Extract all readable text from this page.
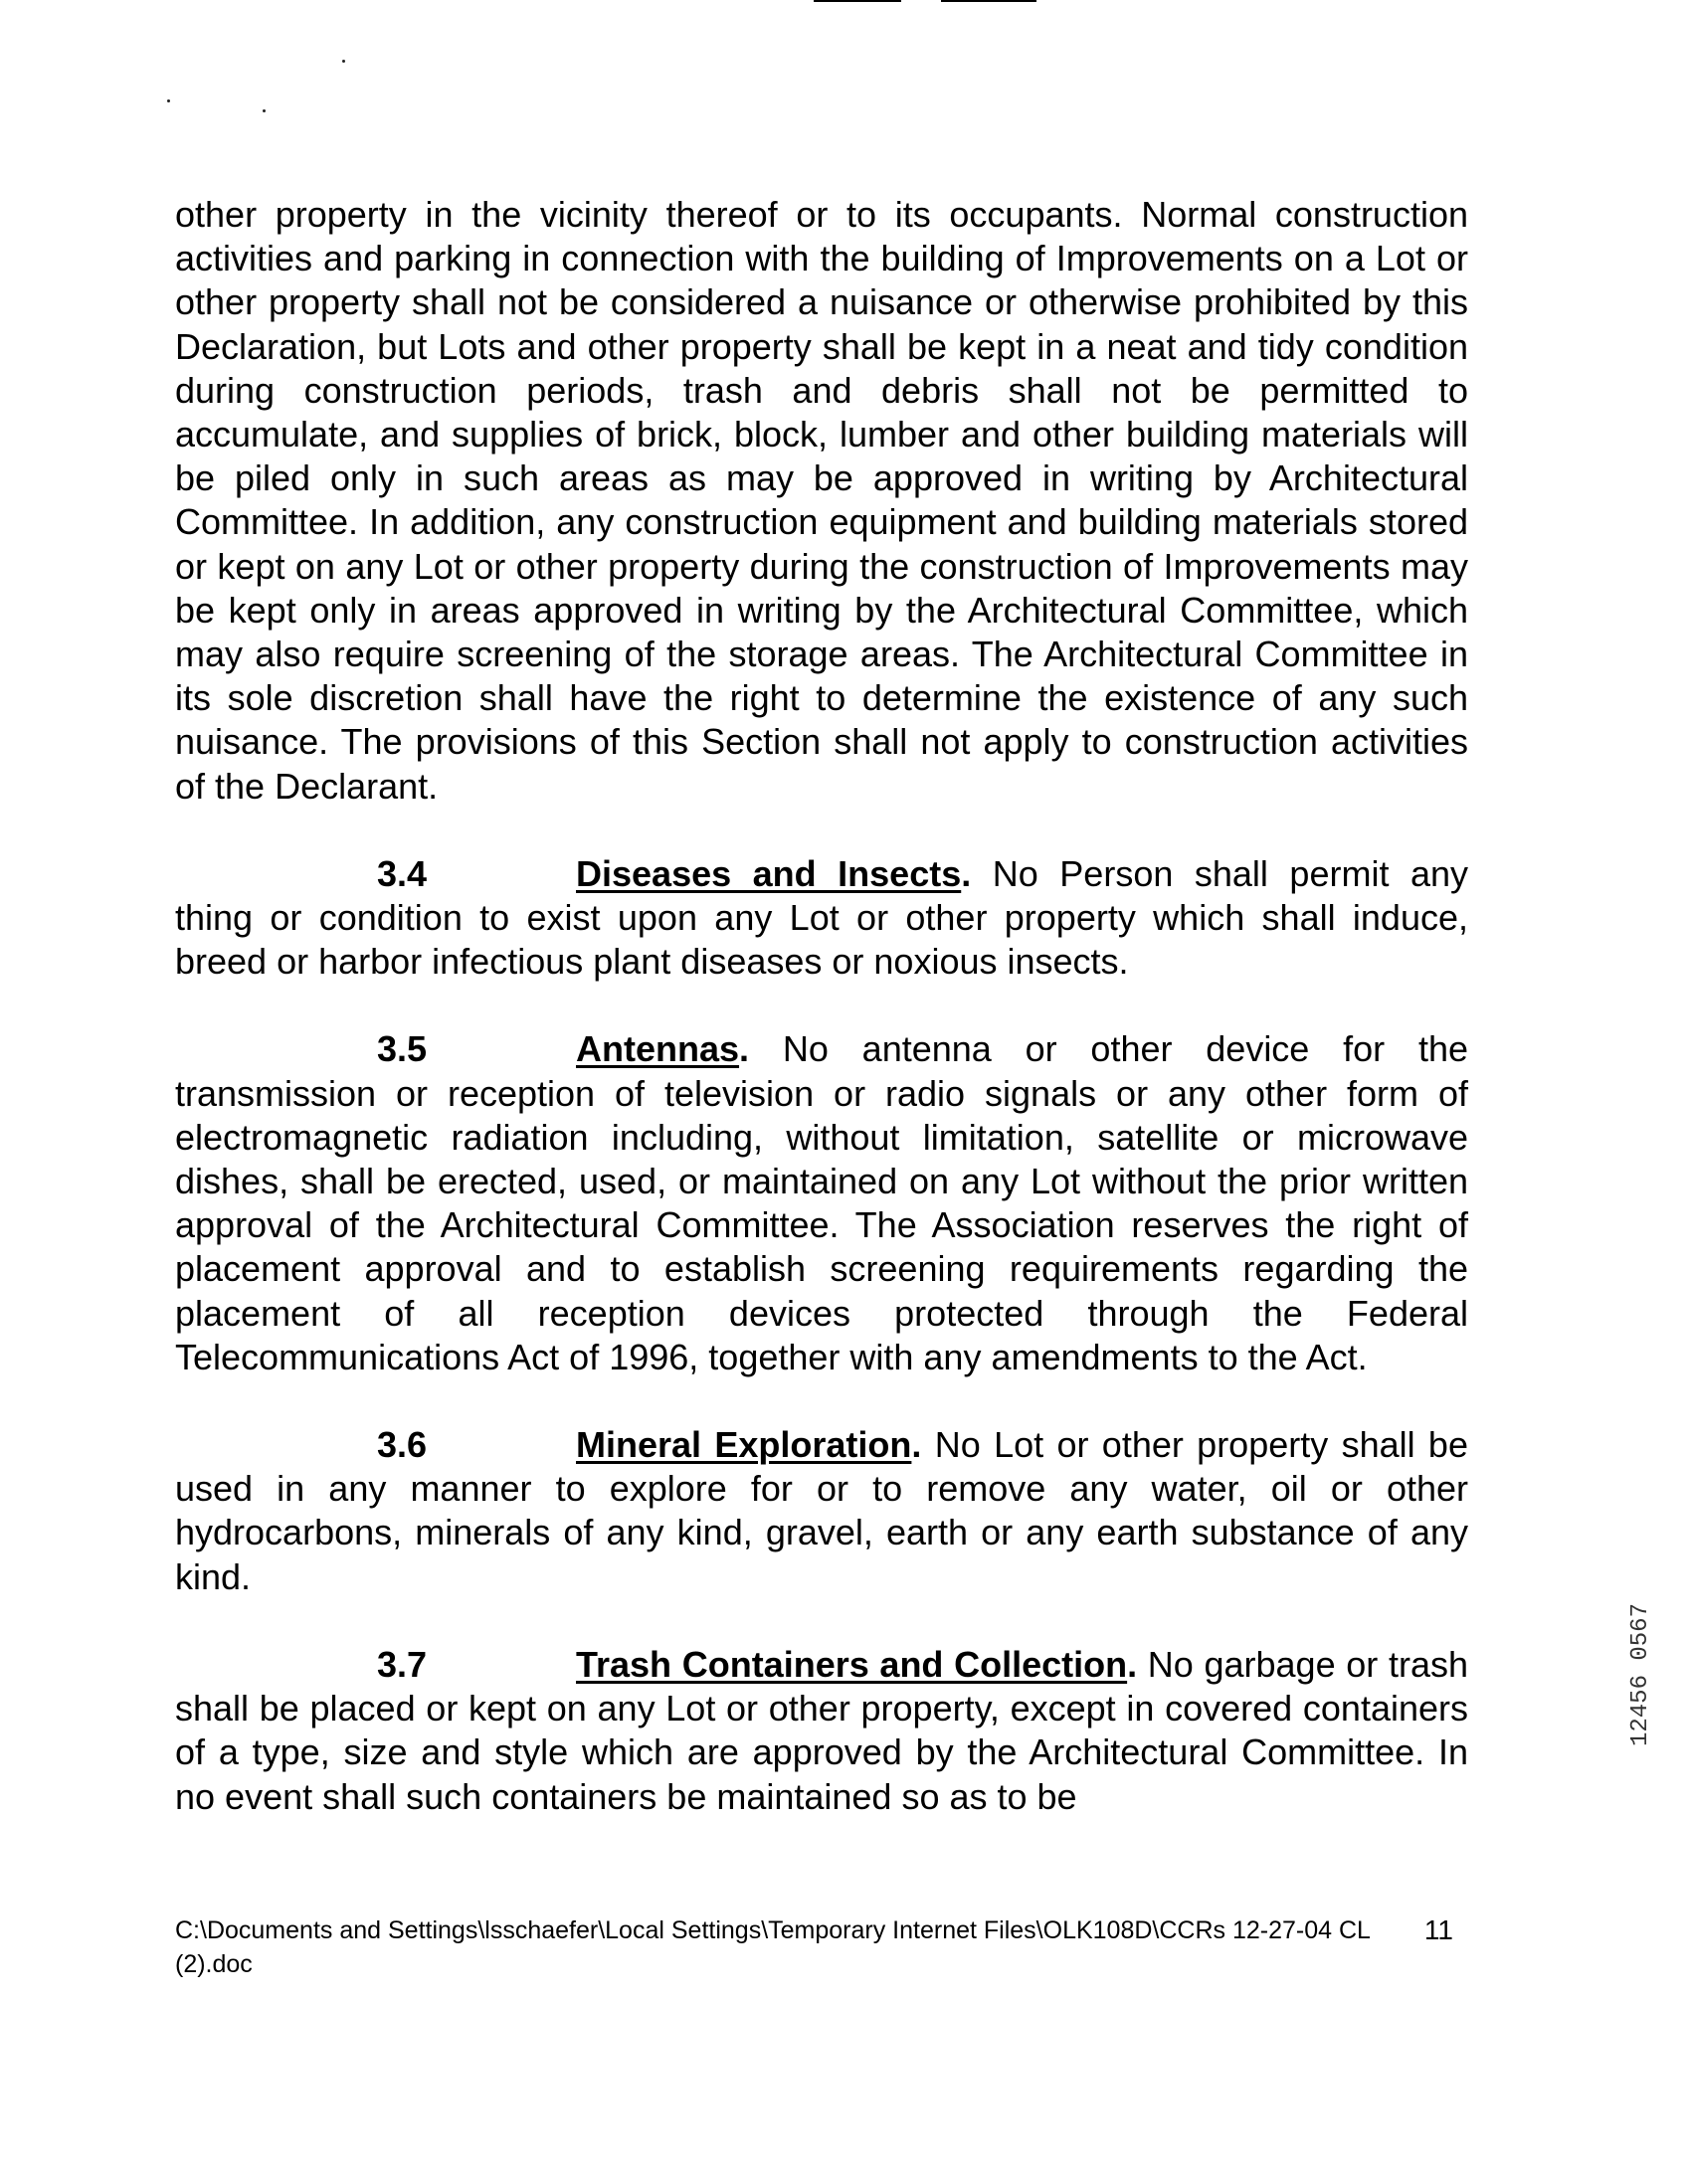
other property in the vicinity thereof or to its occupants. Normal construction activities and parking in connection with the building of Improvements on a Lot or other property shall not be considered a nuisance or otherwise prohibited by this Declaration, but Lots and other property shall be kept in a neat and tidy condition during construction periods, trash and debris shall not be permitted to accumulate, and supplies of brick, block, lumber and other building materials will be piled only in such areas as may be approved in writing by Architectural Committee. In addition, any construction equipment and building materials stored or kept on any Lot or other property during the construction of Improvements may be kept only in areas approved in writing by the Architectural Committee, which may also require screening of the storage areas. The Architectural Committee in its sole discretion shall have the right to determine the existence of any such nuisance. The provisions of this Section shall not apply to construction activities of the Declarant.

3.4	Diseases and Insects. No Person shall permit any thing or condition to exist upon any Lot or other property which shall induce, breed or harbor infectious plant diseases or noxious insects.

3.5	Antennas. No antenna or other device for the transmission or reception of television or radio signals or any other form of electromagnetic radiation including, without limitation, satellite or microwave dishes, shall be erected, used, or maintained on any Lot without the prior written approval of the Architectural Committee. The Association reserves the right of placement approval and to establish screening requirements regarding the placement of all reception devices protected through the Federal Telecommunications Act of 1996, together with any amendments to the Act.

3.6	Mineral Exploration. No Lot or other property shall be used in any manner to explore for or to remove any water, oil or other hydrocarbons, minerals of any kind, gravel, earth or any earth substance of any kind.

3.7	Trash Containers and Collection. No garbage or trash shall be placed or kept on any Lot or other property, except in covered containers of a type, size and style which are approved by the Architectural Committee. In no event shall such containers be maintained so as to be

C:\Documents and Settings\lsschaefer\Local Settings\Temporary Internet Files\OLK108D\CCRs 12-27-04 CL (2).doc
11
12456 0567
